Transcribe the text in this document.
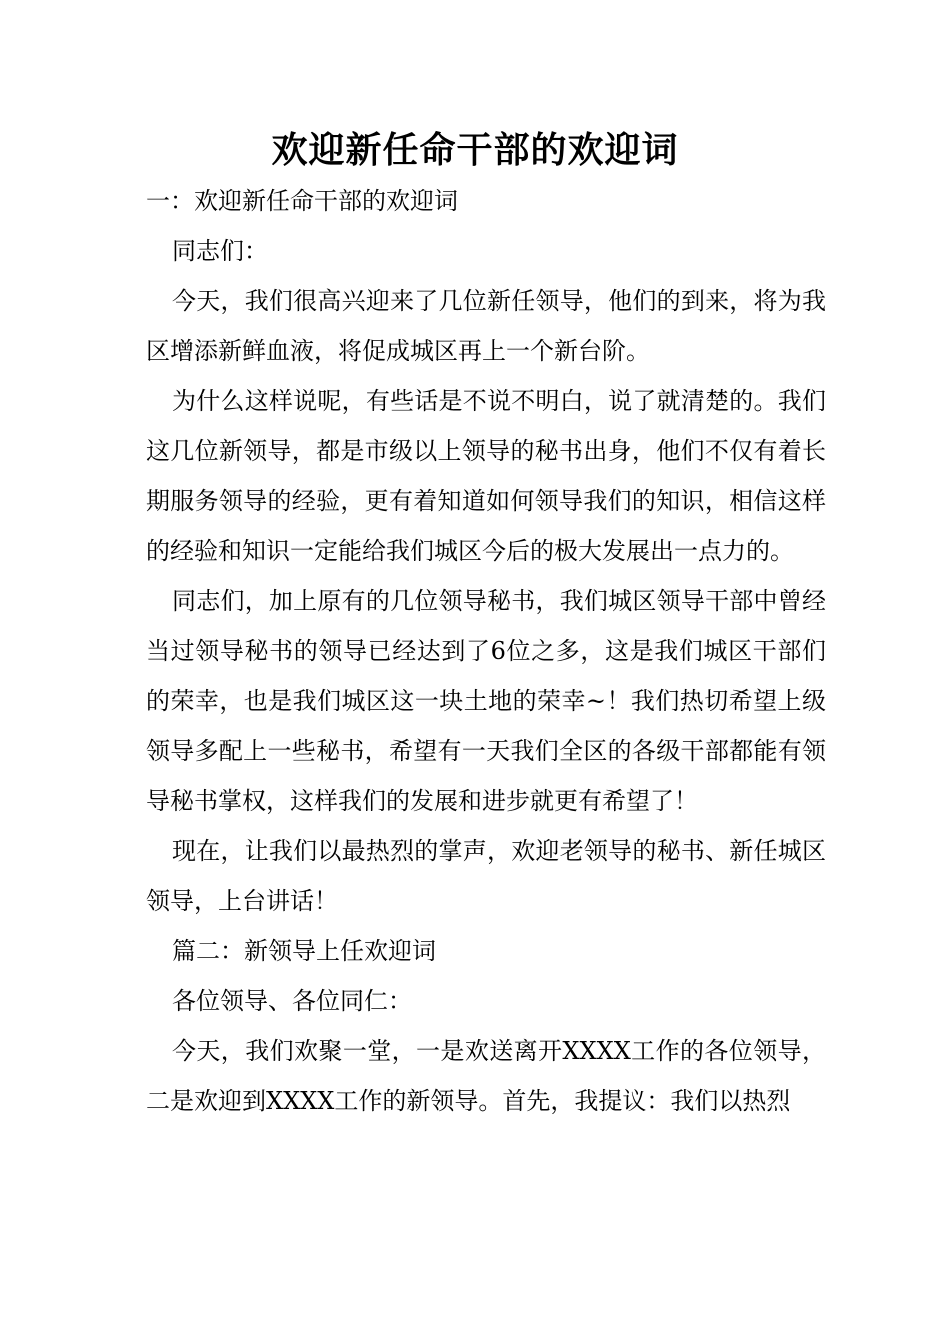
欢迎新任命干部的欢迎词

一：欢迎新任命干部的欢迎词

同志们：

今天，我们很高兴迎来了几位新任领导，他们的到来，将为我区增添新鲜血液，将促成城区再上一个新台阶。

为什么这样说呢，有些话是不说不明白，说了就清楚的。我们这几位新领导，都是市级以上领导的秘书出身，他们不仅有着长期服务领导的经验，更有着知道如何领导我们的知识，相信这样的经验和知识一定能给我们城区今后的极大发展出一点力的。

同志们，加上原有的几位领导秘书，我们城区领导干部中曾经当过领导秘书的领导已经达到了6位之多，这是我们城区干部们的荣幸，也是我们城区这一块土地的荣幸~！我们热切希望上级领导多配上一些秘书，希望有一天我们全区的各级干部都能有领导秘书掌权，这样我们的发展和进步就更有希望了！

现在，让我们以最热烈的掌声，欢迎老领导的秘书、新任城区领导，上台讲话！

篇二：新领导上任欢迎词

各位领导、各位同仁：

今天，我们欢聚一堂，一是欢送离开XXXX工作的各位领导，二是欢迎到XXXX工作的新领导。首先，我提议：我们以热烈
